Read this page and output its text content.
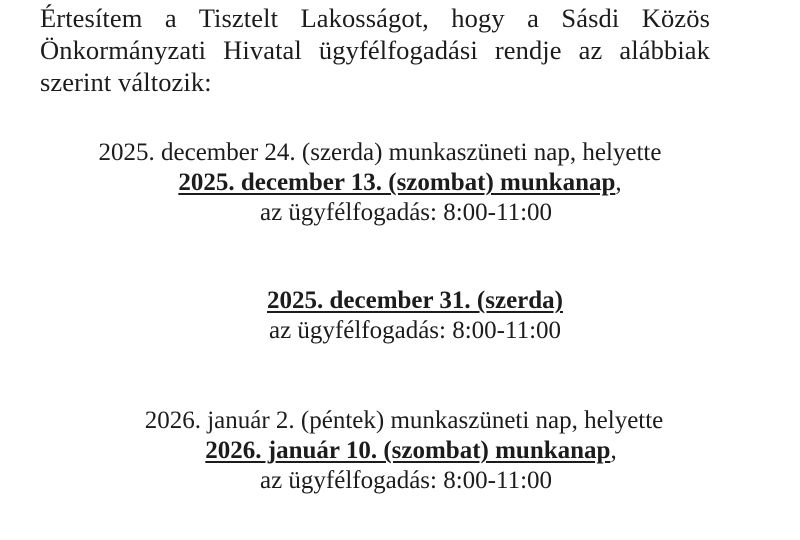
Értesítem a Tisztelt Lakosságot, hogy a Sásdi Közös Önkormányzati Hivatal ügyfélfogadási rendje az alábbiak szerint változik:
2025. december 24. (szerda) munkaszüneti nap, helyette
2025. december 13. (szombat) munkanap,
az ügyfélfogadás: 8:00-11:00
2025. december 31. (szerda)
az ügyfélfogadás: 8:00-11:00
2026. január 2. (péntek) munkaszüneti nap, helyette
2026. január 10. (szombat) munkanap,
az ügyfélfogadás: 8:00-11:00
